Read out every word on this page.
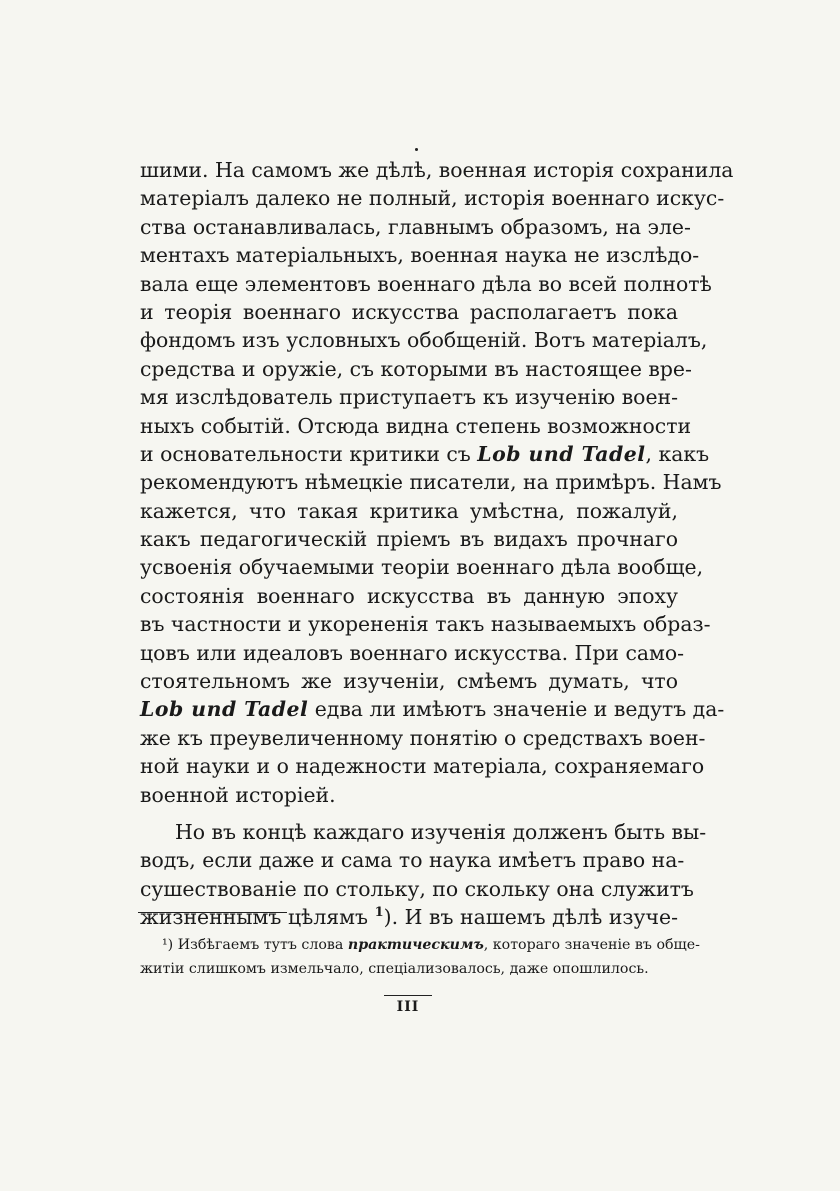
шими. На самомъ же дѣлѣ, военная исторія сохранила
матеріалъ далеко не полный, исторія военнаго искус-
ства останавливалась, главнымъ образомъ, на эле-
ментахъ матеріальныхъ, военная наука не изслѣдо-
вала еще элементовъ военнаго дѣла во всей полнотѣ
и теорія военнаго искусства располагаетъ пока
фондомъ изъ условныхъ обобщеній. Вотъ матеріалъ,
средства и оружіе, съ которыми въ настоящее вре-
мя изслѣдователь приступаетъ къ изученію воен-
ныхъ событій. Отсюда видна степень возможности
и основательности критики съ Lob und Tadel, какъ
рекомендуютъ нѣмецкіе писатели, на примѣръ. Намъ
кажется, что такая критика умѣстна, пожалуй,
какъ педагогическій пріемъ въ видахъ прочнаго
усвоенія обучаемыми теоріи военнаго дѣла вообще,
состоянія военнаго искусства въ данную эпоху
въ частности и укорененія такъ называемыхъ образ-
цовъ или идеаловъ военнаго искусства. При само-
стоятельномъ же изученіи, смѣемъ думать, что
Lob und Tadel едва ли имѣютъ значеніе и ведутъ да-
же къ преувеличенному понятію о средствахъ воен-
ной науки и о надежности матеріала, сохраняемаго
военной исторіей.
Но въ концѣ каждаго изученія долженъ быть вы-
водъ, если даже и сама то наука имѣетъ право на-
сушествованіе по стольку, по скольку она служитъ
жизненнымъ цѣлямъ $^1$). И въ нашемъ дѣлѣ изуче-
¹) Избѣгаемъ тутъ слова практическимъ, котораго значеніе въ обще-
житіи слишкомъ измельчало, спеціализовалось, даже опошлилось.
III
